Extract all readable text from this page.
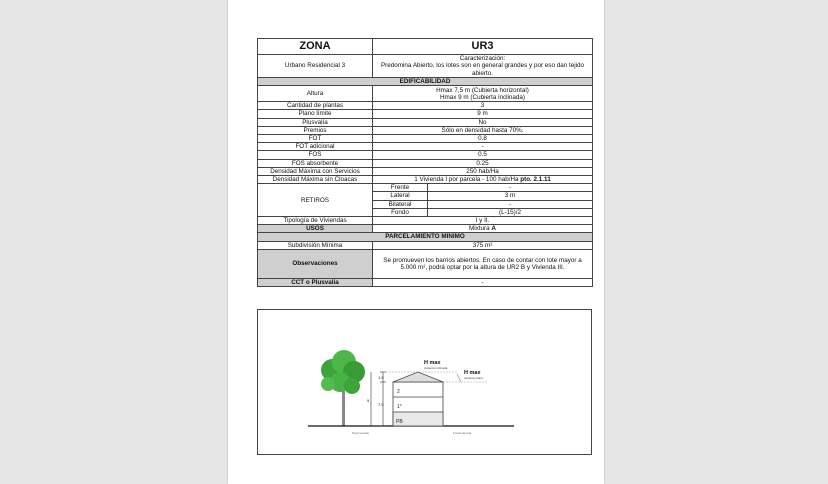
ZONA	UR3	
Urbano Residencial 3	Caracterización:
Predomina Abierto, los lotes son en general grandes y por eso dan tejido abierto.	
EDIFICABILIDAD		
Altura	Hmax 7,5 m (Cubierta horizontal)
Hmax 9 m (Cubierta inclinada)	
Cantidad de plantas	3	
Plano límite	9 m	
Plusvalía	No	
Premios	Sólo en densidad hasta 70%.	
FOT	0.8	
FOT adicional	-	
FOS	0.5	
FOS absorbente	0.25	
Densidad Máxima con Servicios	250 hab/Ha	
Densidad Máxima sin Cloacas	1 Vivienda I por parcela - 100 hab/Ha pto. 2.1.11	
RETIROS	Frente	-
	Lateral	3 m
	Bilateral	-
	Fondo	(L-15)/2
Tipología de Viviendas	I y II.	
USOS	Mixtura A	
PARCELAMIENTO MINIMO		
Subdivisión Mínima	375 m²	
Observaciones	Se promueven los barrios abiertos. En caso de contar con lote mayor a 5.000 m², podrá optar por la altura de UR2 B y Vivienda III.	
CCT o Plusvalia	-	
2
1°
PB
1.5
7.5
9
H max
cubierta inclinada
H max
cubierta plana
Nivel vereda	Fondo de lote
